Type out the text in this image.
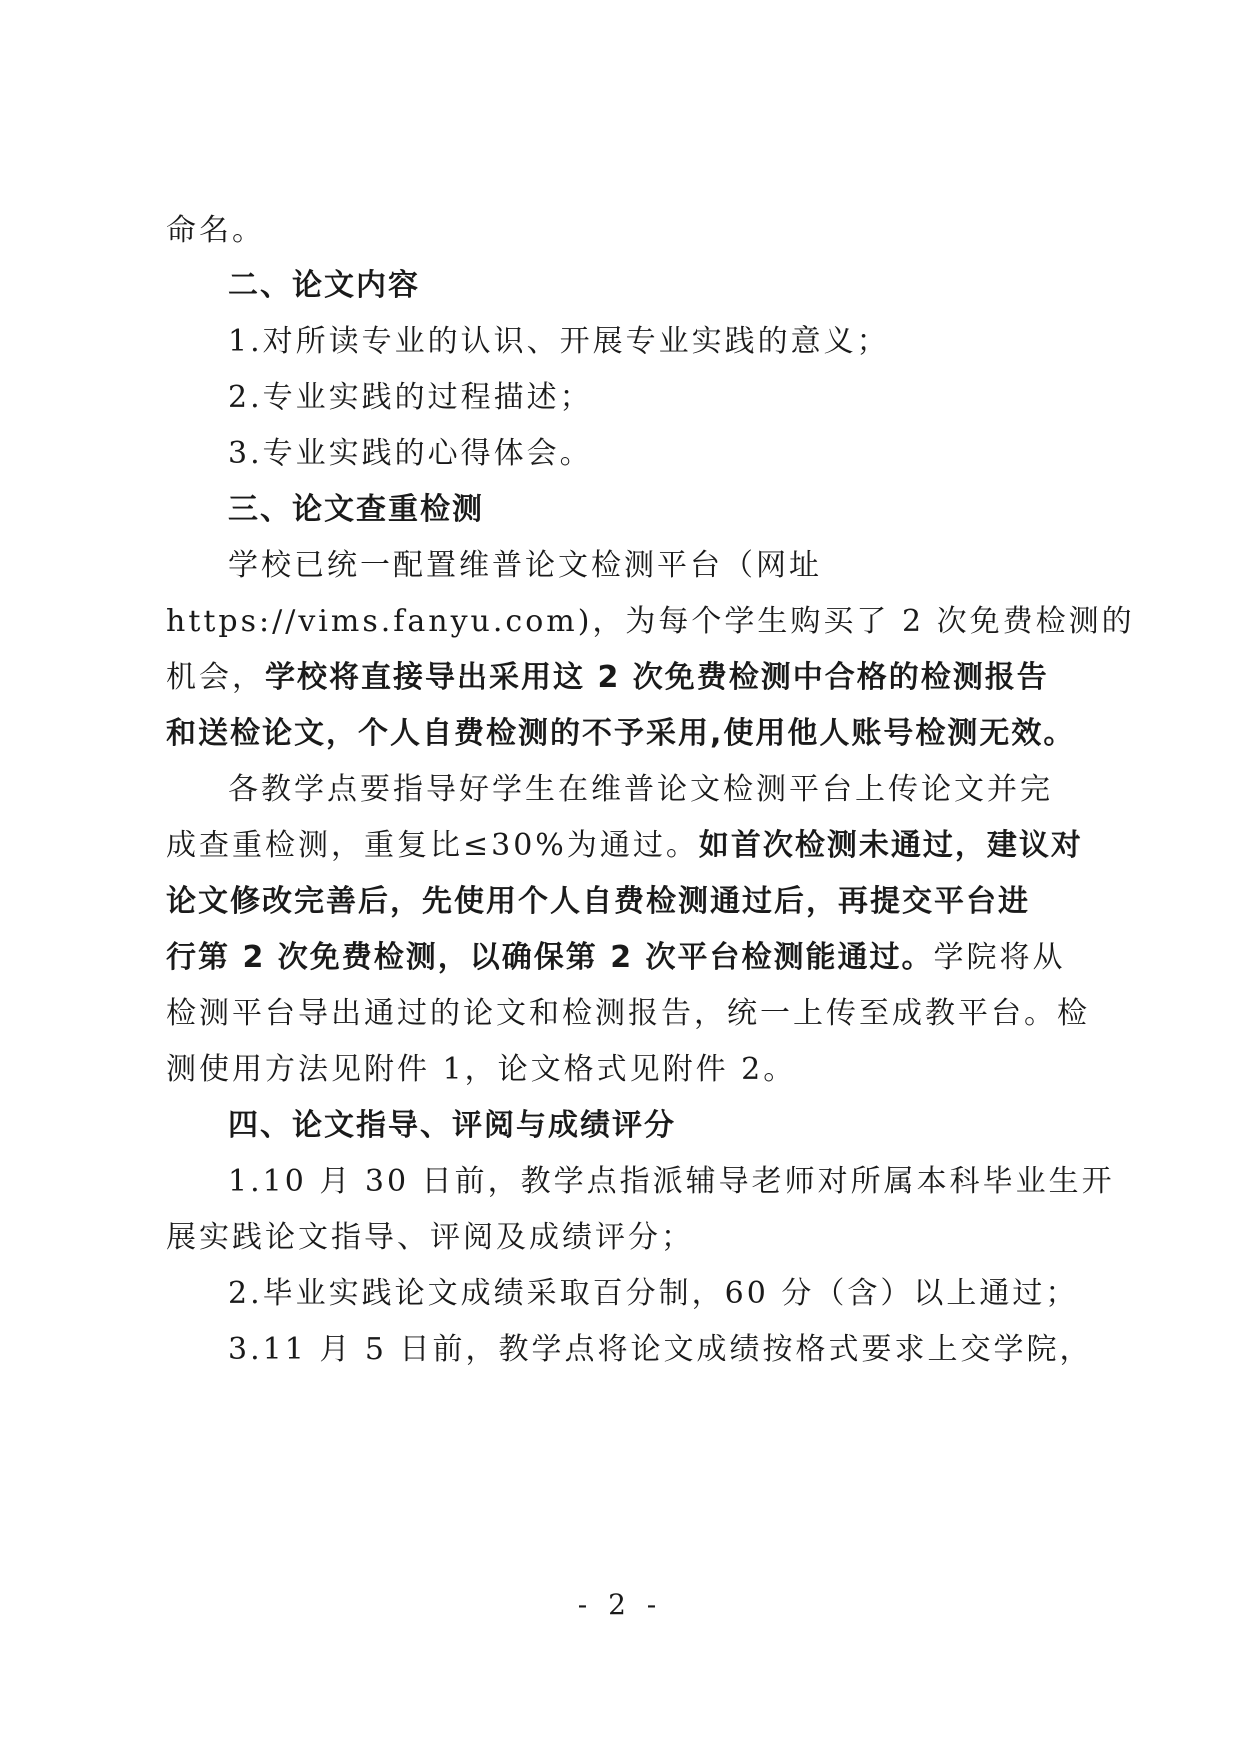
命名。
二、论文内容
1.对所读专业的认识、开展专业实践的意义；
2.专业实践的过程描述；
3.专业实践的心得体会。
三、论文查重检测
学校已统一配置维普论文检测平台（网址
https://vims.fanyu.com)，为每个学生购买了 2 次免费检测的
机会，学校将直接导出采用这 2 次免费检测中合格的检测报告
和送检论文，个人自费检测的不予采用,使用他人账号检测无效。
各教学点要指导好学生在维普论文检测平台上传论文并完
成查重检测，重复比≤30%为通过。如首次检测未通过，建议对
论文修改完善后，先使用个人自费检测通过后，再提交平台进
行第 2 次免费检测，以确保第 2 次平台检测能通过。学院将从
检测平台导出通过的论文和检测报告，统一上传至成教平台。检
测使用方法见附件 1，论文格式见附件 2。
四、论文指导、评阅与成绩评分
1.10 月 30 日前，教学点指派辅导老师对所属本科毕业生开
展实践论文指导、评阅及成绩评分；
2.毕业实践论文成绩采取百分制，60 分（含）以上通过；
3.11 月 5 日前，教学点将论文成绩按格式要求上交学院，
- 2 -
